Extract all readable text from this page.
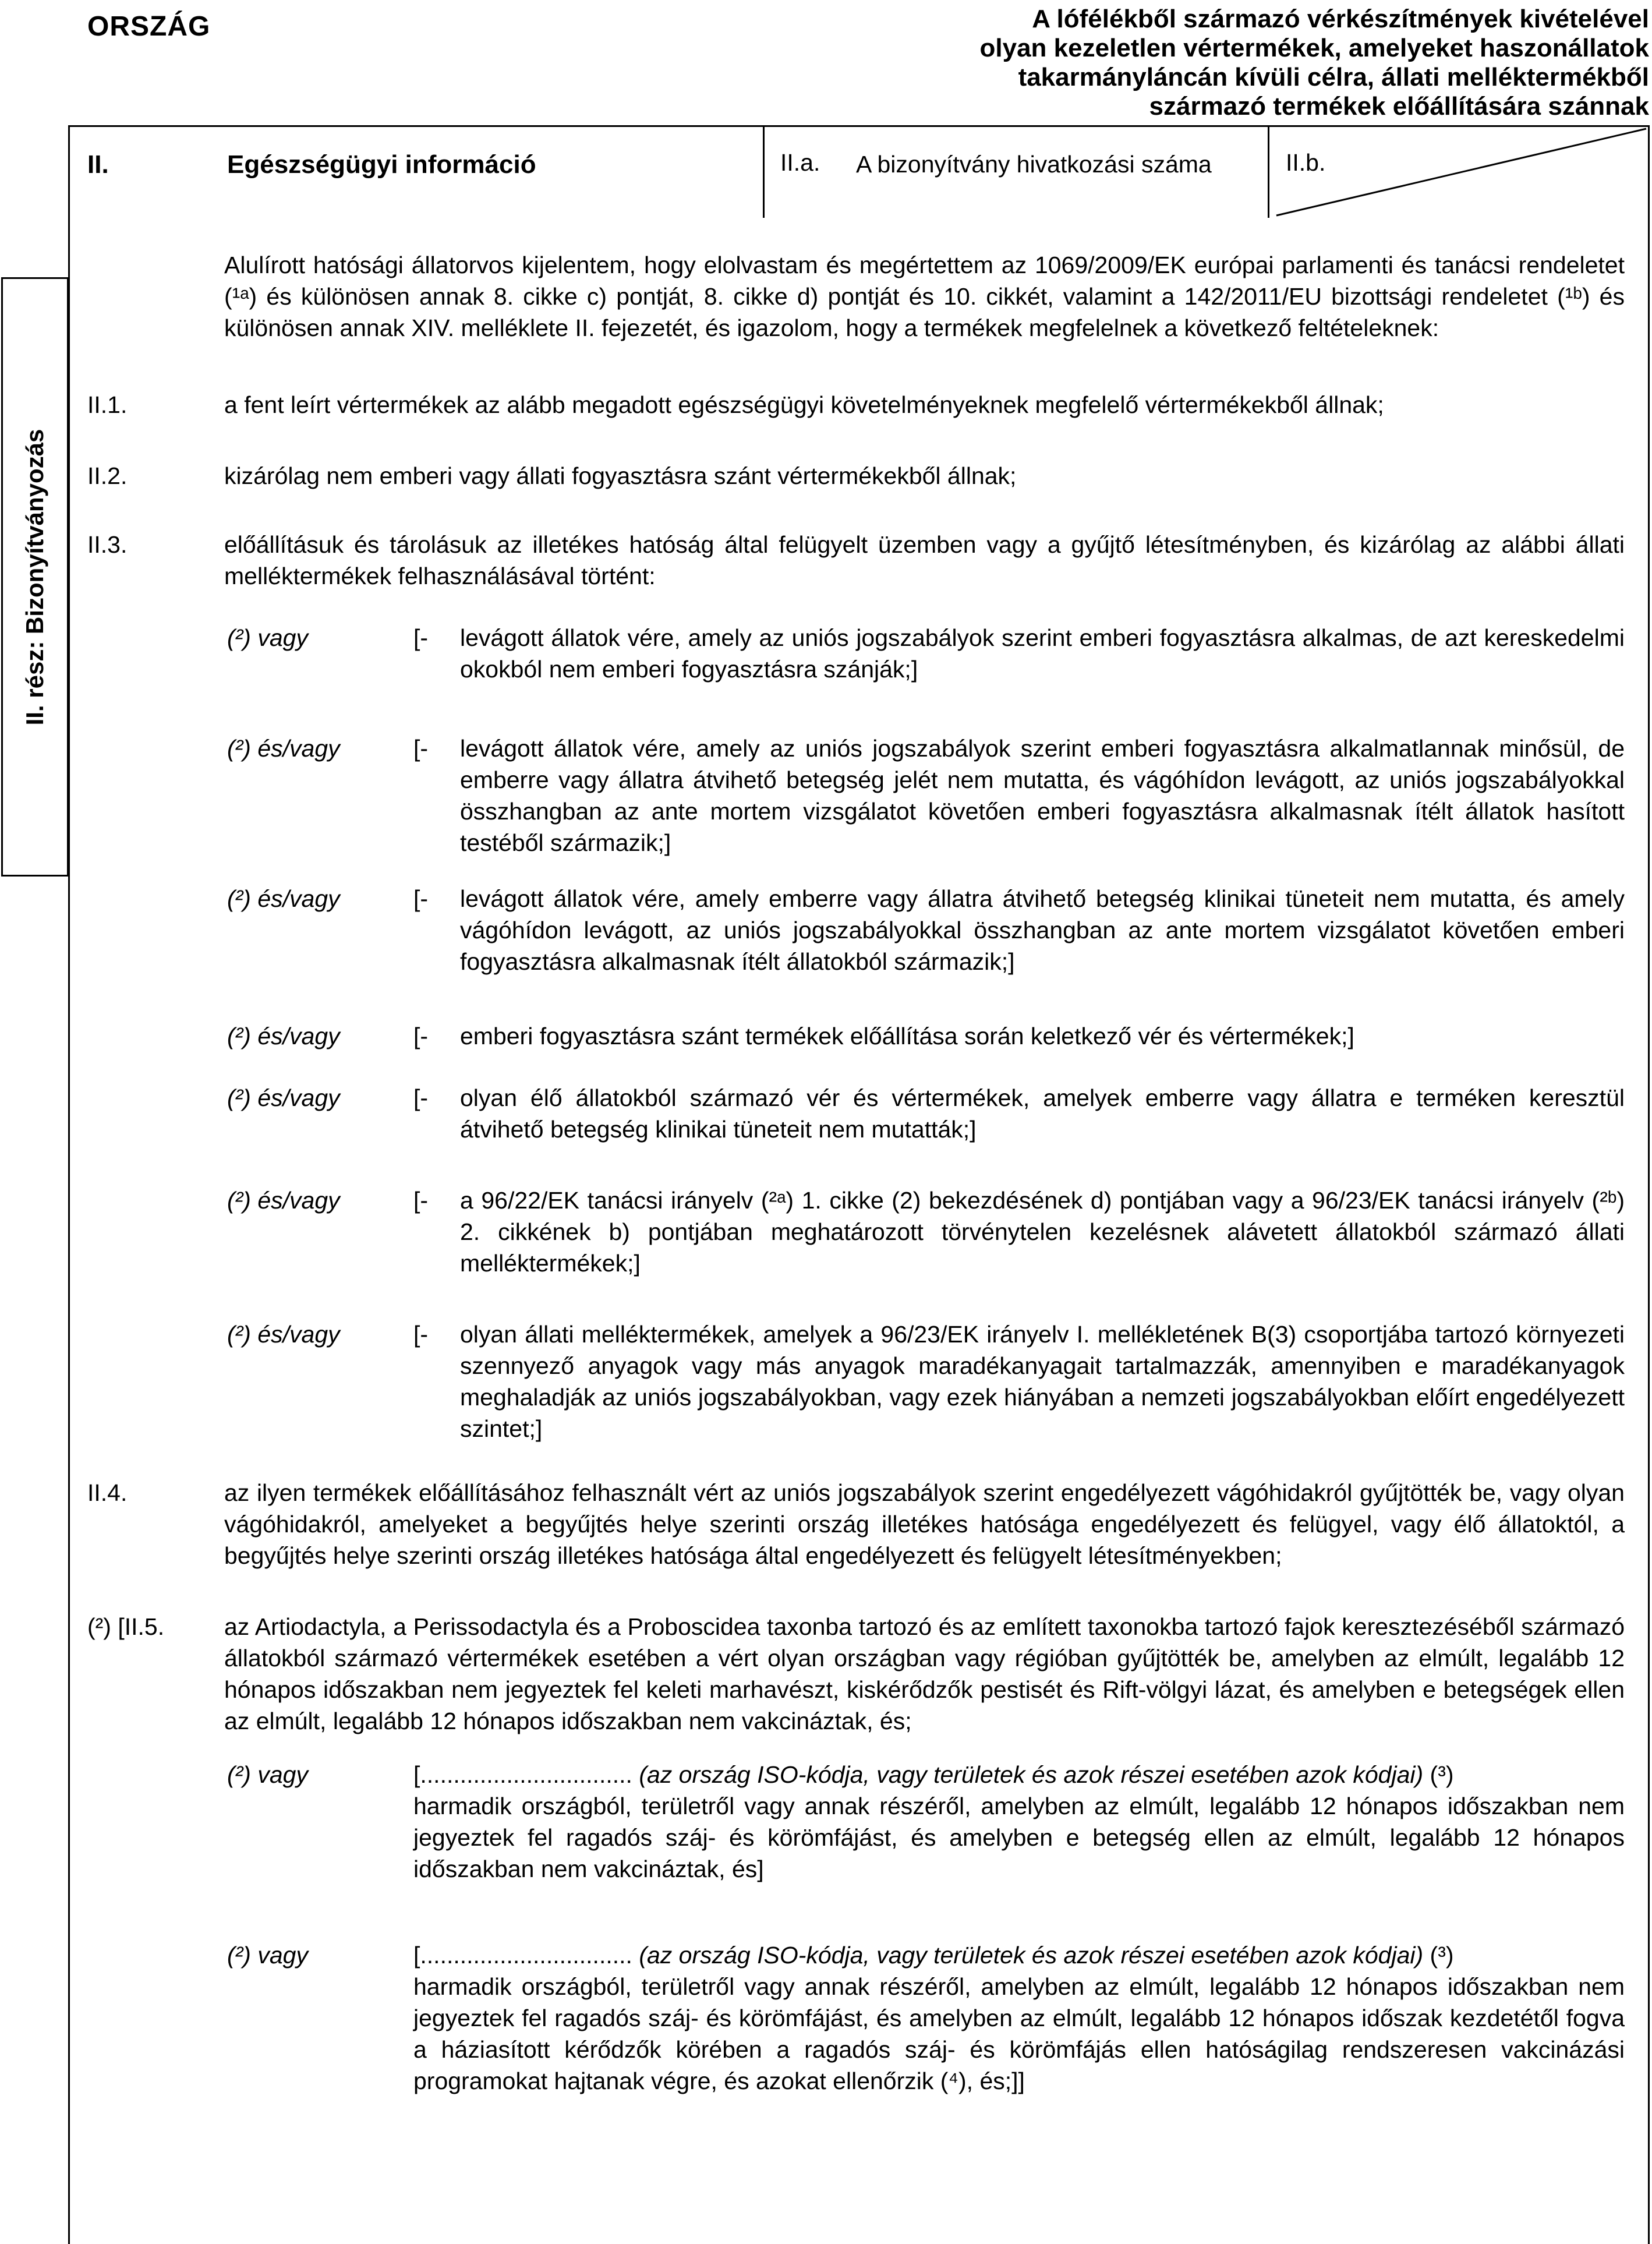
ORSZÁG	A lófélékből származó vérkészítmények kivételével
olyan kezeletlen vértermékek, amelyeket haszonállatok
takarmányláncán kívüli célra, állati melléktermékből
származó termékek előállítására szánnak
II.	Egészségügyi információ	II.a. A bizonyítvány hivatkozási száma	II.b.
Alulírott hatósági állatorvos kijelentem, hogy elolvastam és megértettem az 1069/2009/EK európai parlamenti és tanácsi rendeletet (¹ᵃ) és különösen annak 8. cikke c) pontját, 8. cikke d) pontját és 10. cikkét, valamint a 142/2011/EU bizottsági rendeletet (¹ᵇ) és különösen annak XIV. melléklete II. fejezetét, és igazolom, hogy a termékek megfelelnek a következő feltételeknek:
II.1.	a fent leírt vértermékek az alább megadott egészségügyi követelményeknek megfelelő vértermékekből állnak;
II.2.	kizárólag nem emberi vagy állati fogyasztásra szánt vértermékekből állnak;
II.3.	előállításuk és tárolásuk az illetékes hatóság által felügyelt üzemben vagy a gyűjtő létesítményben, és kizárólag az alábbi állati melléktermékek felhasználásával történt:
(²) vagy	[- levágott állatok vére, amely az uniós jogszabályok szerint emberi fogyasztásra alkalmas, de azt kereskedelmi okokból nem emberi fogyasztásra szánják;]
(²) és/vagy	[- levágott állatok vére, amely az uniós jogszabályok szerint emberi fogyasztásra alkalmatlannak minősül, de emberre vagy állatra átvihető betegség jelét nem mutatta, és vágóhídon levágott, az uniós jogszabályokkal összhangban az ante mortem vizsgálatot követően emberi fogyasztásra alkalmasnak ítélt állatok hasított testéből származik;]
(²) és/vagy	[- levágott állatok vére, amely emberre vagy állatra átvihető betegség klinikai tüneteit nem mutatta, és amely vágóhídon levágott, az uniós jogszabályokkal összhangban az ante mortem vizsgálatot követően emberi fogyasztásra alkalmasnak ítélt állatokból származik;]
(²) és/vagy	[- emberi fogyasztásra szánt termékek előállítása során keletkező vér és vértermékek;]
(²) és/vagy	[- olyan élő állatokból származó vér és vértermékek, amelyek emberre vagy állatra e terméken keresztül átvihető betegség klinikai tüneteit nem mutatták;]
(²) és/vagy	[- a 96/22/EK tanácsi irányelv (²ᵃ) 1. cikke (2) bekezdésének d) pontjában vagy a 96/23/EK tanácsi irányelv (²ᵇ) 2. cikkének b) pontjában meghatározott törvénytelen kezelésnek alávetett állatokból származó állati melléktermékek;]
(²) és/vagy	[- olyan állati melléktermékek, amelyek a 96/23/EK irányelv I. mellékletének B(3) csoportjába tartozó környezeti szennyező anyagok vagy más anyagok maradékanyagait tartalmazzák, amennyiben e maradékanyagok meghaladják az uniós jogszabályokban, vagy ezek hiányában a nemzeti jogszabályokban előírt engedélyezett szintet;]
II.4.	az ilyen termékek előállításához felhasznált vért az uniós jogszabályok szerint engedélyezett vágóhidakról gyűjtötték be, vagy olyan vágóhidakról, amelyeket a begyűjtés helye szerinti ország illetékes hatósága engedélyezett és felügyel, vagy élő állatoktól, a begyűjtés helye szerinti ország illetékes hatósága által engedélyezett és felügyelt létesítményekben;
(²) [II.5.	az Artiodactyla, a Perissodactyla és a Proboscidea taxonba tartozó és az említett taxonokba tartozó fajok keresztezéséből származó állatokból származó vértermékek esetében a vért olyan országban vagy régióban gyűjtötték be, amelyben az elmúlt, legalább 12 hónapos időszakban nem jegyeztek fel keleti marhavészt, kiskérődzők pestisét és Rift-völgyi lázat, és amelyben e betegségek ellen az elmúlt, legalább 12 hónapos időszakban nem vakcináztak, és;
(²) vagy	[................................ (az ország ISO-kódja, vagy területek és azok részei esetében azok kódjai) (³)
harmadik országból, területről vagy annak részéről, amelyben az elmúlt, legalább 12 hónapos időszakban nem jegyeztek fel ragadós száj- és körömfájást, és amelyben e betegség ellen az elmúlt, legalább 12 hónapos időszakban nem vakcináztak, és]
(²) vagy	[................................ (az ország ISO-kódja, vagy területek és azok részei esetében azok kódjai) (³)
harmadik országból, területről vagy annak részéről, amelyben az elmúlt, legalább 12 hónapos időszakban nem jegyeztek fel ragadós száj- és körömfájást, és amelyben az elmúlt, legalább 12 hónapos időszak kezdetétől fogva a háziasított kérődzők körében a ragadós száj- és körömfájás ellen hatóságilag rendszeresen vakcinázási programokat hajtanak végre, és azokat ellenőrzik (⁴), és;]]
II. rész: Bizonyítványozás
